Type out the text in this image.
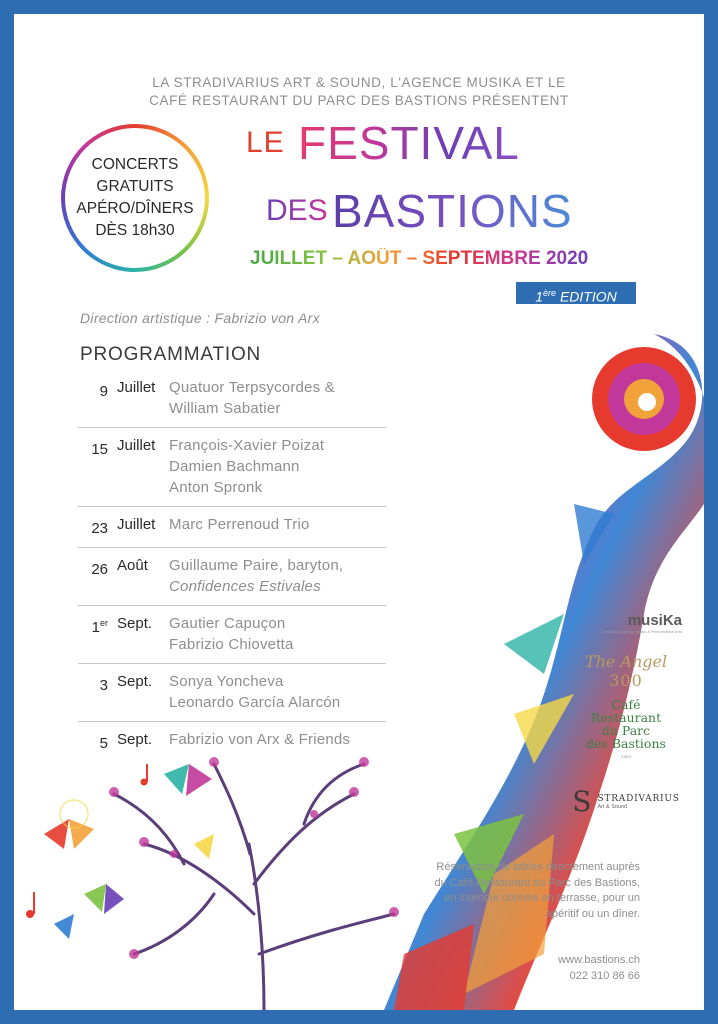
LA STRADIVARIUS ART & SOUND, L'AGENCE MUSIKA ET LE
CAFÉ RESTAURANT DU PARC DES BASTIONS PRÉSENTENT
CONCERTS
GRATUITS
APÉRO/DÎNERS
DÈS 18h30
LE FESTIVAL
DES BASTIONS
JUILLET – AOÛT – SEPTEMBRE 2020
1ère EDITION
Direction artistique : Fabrizio von Arx
PROGRAMMATION
9 Juillet Quatuor Terpsycordes &
William Sabatier
15 Juillet François-Xavier Poizat
Damien Bachmann
Anton Spronk
23 Juillet Marc Perrenoud Trio
26 Août	Guillaume Paire, baryton,
Confidences Estivales
1er Sept.	Gautier Capuçon
Fabrizio Chiovetta
3 Sept.	Sonya Yoncheva
Leonardo García Alarcón
5 Sept.	Fabrizio von Arx & Friends
musiKa
Consulting Agency Music & Performance Arts
The Angel
300
Café
Restaurant
du Parc
des Bastions
1903
S STRADIVARIUS
Art & Sound
Réservation de tables directement auprès du Café Restaurant du Parc des Bastions, en intérieur comme en terrasse, pour un apéritif ou un dîner.
www.bastions.ch
022 310 86 66
